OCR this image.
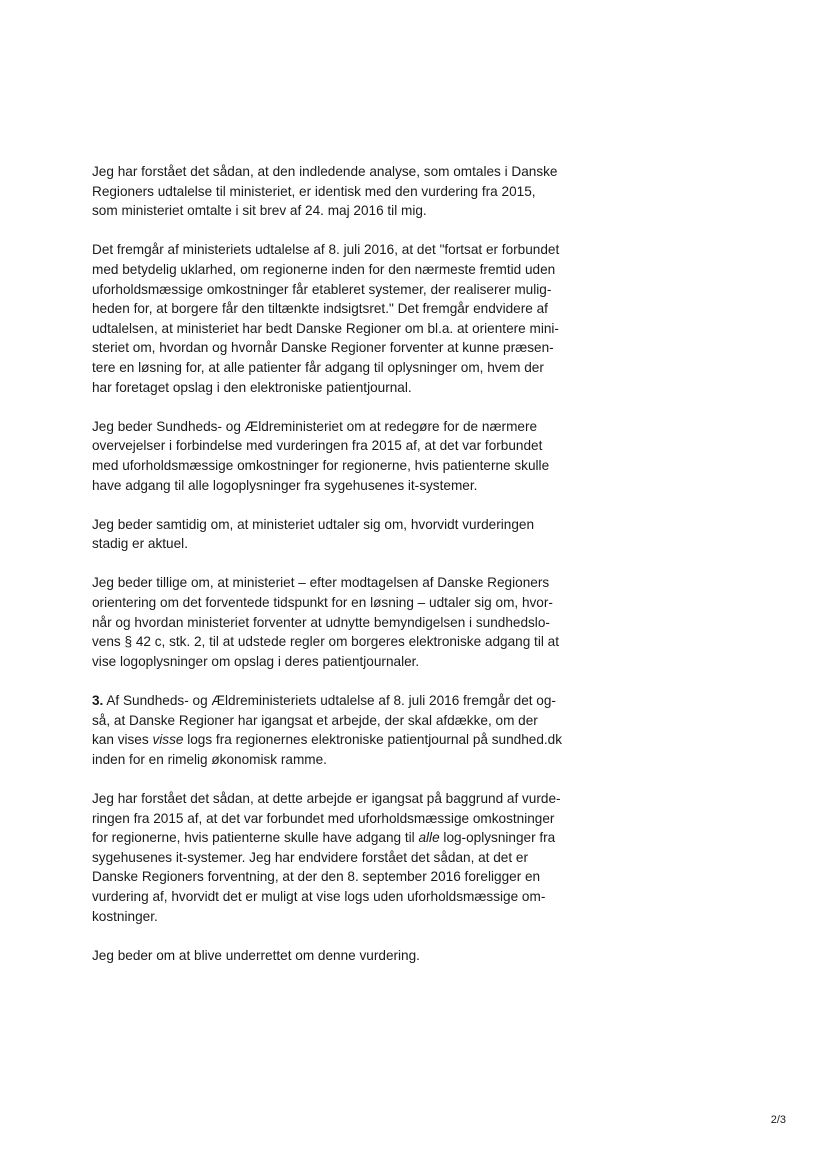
Jeg har forstået det sådan, at den indledende analyse, som omtales i Danske
Regioners udtalelse til ministeriet, er identisk med den vurdering fra 2015,
som ministeriet omtalte i sit brev af 24. maj 2016 til mig.

Det fremgår af ministeriets udtalelse af 8. juli 2016, at det "fortsat er forbundet
med betydelig uklarhed, om regionerne inden for den nærmeste fremtid uden
uforholdsmæssige omkostninger får etableret systemer, der realiserer mulig-
heden for, at borgere får den tiltænkte indsigtsret." Det fremgår endvidere af
udtalelsen, at ministeriet har bedt Danske Regioner om bl.a. at orientere mini-
steriet om, hvordan og hvornår Danske Regioner forventer at kunne præsen-
tere en løsning for, at alle patienter får adgang til oplysninger om, hvem der
har foretaget opslag i den elektroniske patientjournal.

Jeg beder Sundheds- og Ældreministeriet om at redegøre for de nærmere
overvejelser i forbindelse med vurderingen fra 2015 af, at det var forbundet
med uforholdsmæssige omkostninger for regionerne, hvis patienterne skulle
have adgang til alle logoplysninger fra sygehusenes it-systemer.

Jeg beder samtidig om, at ministeriet udtaler sig om, hvorvidt vurderingen
stadig er aktuel.

Jeg beder tillige om, at ministeriet – efter modtagelsen af Danske Regioners
orientering om det forventede tidspunkt for en løsning – udtaler sig om, hvor-
når og hvordan ministeriet forventer at udnytte bemyndigelsen i sundhedslo-
vens § 42 c, stk. 2, til at udstede regler om borgeres elektroniske adgang til at
vise logoplysninger om opslag i deres patientjournaler.

3. Af Sundheds- og Ældreministeriets udtalelse af 8. juli 2016 fremgår det og-
så, at Danske Regioner har igangsat et arbejde, der skal afdække, om der
kan vises visse logs fra regionernes elektroniske patientjournal på sundhed.dk
inden for en rimelig økonomisk ramme.

Jeg har forstået det sådan, at dette arbejde er igangsat på baggrund af vurde-
ringen fra 2015 af, at det var forbundet med uforholdsmæssige omkostninger
for regionerne, hvis patienterne skulle have adgang til alle log-oplysninger fra
sygehusenes it-systemer. Jeg har endvidere forstået det sådan, at det er
Danske Regioners forventning, at der den 8. september 2016 foreligger en
vurdering af, hvorvidt det er muligt at vise logs uden uforholdsmæssige om-
kostninger.

Jeg beder om at blive underrettet om denne vurdering.

2/3
